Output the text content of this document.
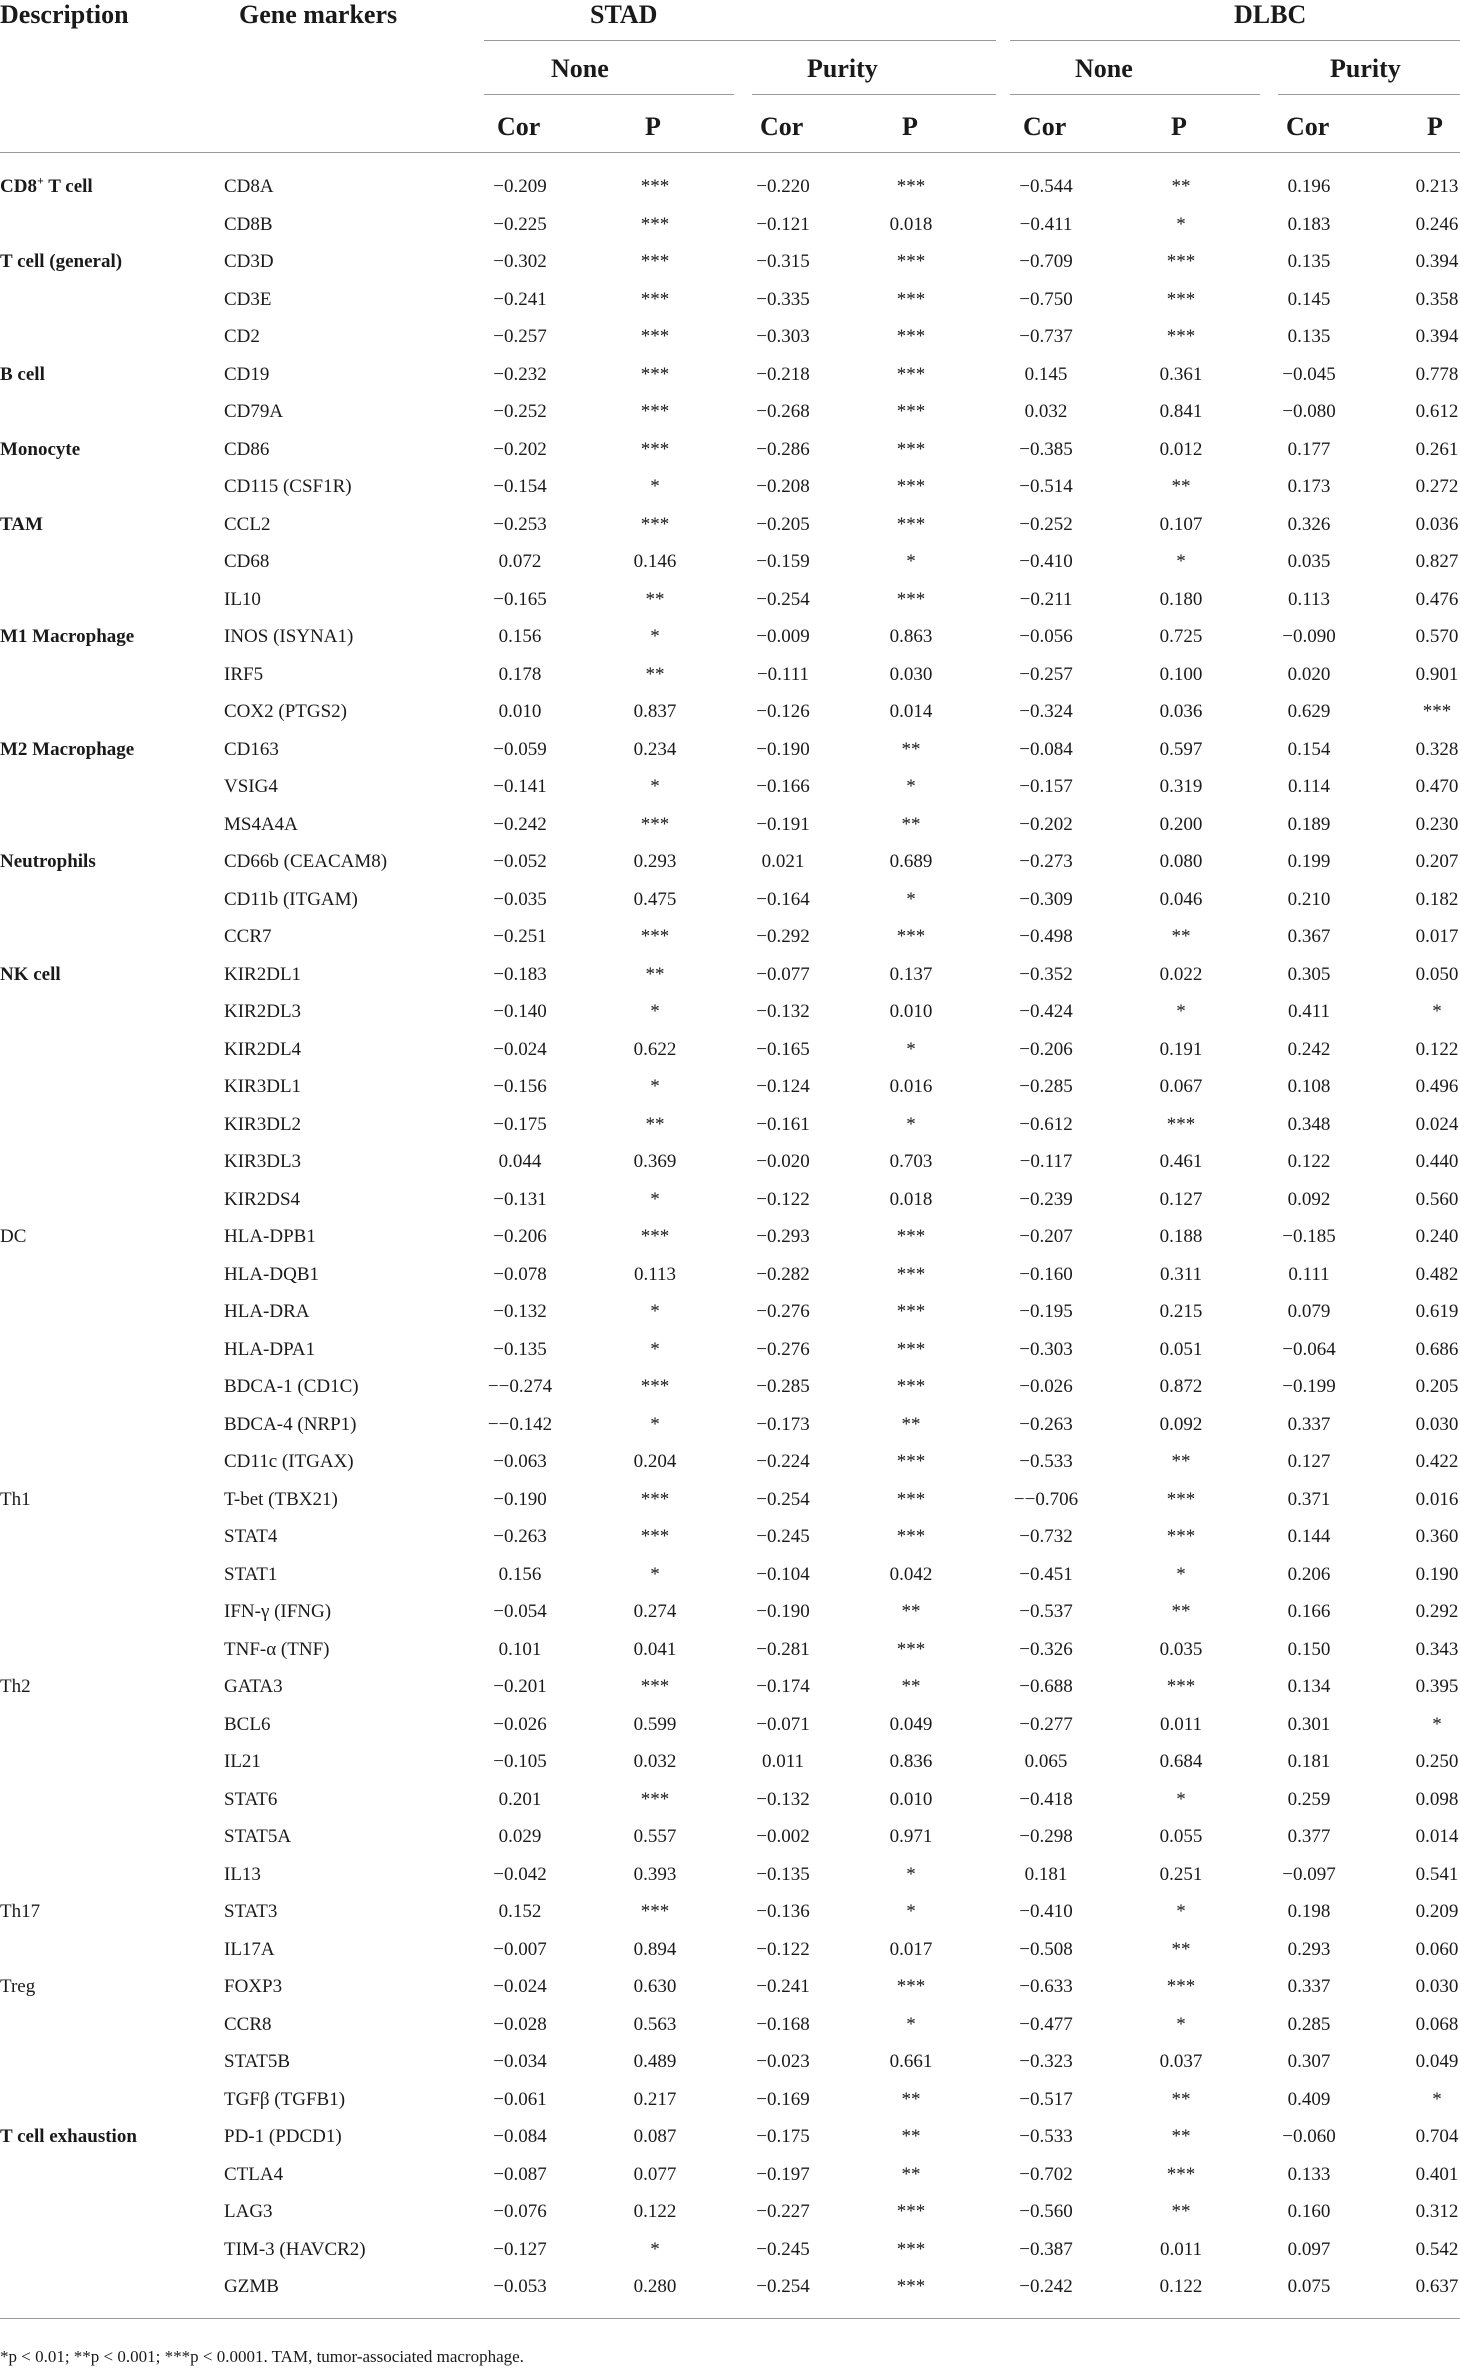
Description	Gene markers	STAD	DLBC
None	Purity	None	Purity
Cor	P	Cor	P	Cor	P	Cor	P
CD8+ T cell	CD8A	−0.209	***	−0.220	***	−0.544	**	0.196	0.213
CD8B	−0.225	***	−0.121	0.018	−0.411	*	0.183	0.246
T cell (general)	CD3D	−0.302	***	−0.315	***	−0.709	***	0.135	0.394
CD3E	−0.241	***	−0.335	***	−0.750	***	0.145	0.358
CD2	−0.257	***	−0.303	***	−0.737	***	0.135	0.394
B cell	CD19	−0.232	***	−0.218	***	0.145	0.361	−0.045	0.778
CD79A	−0.252	***	−0.268	***	0.032	0.841	−0.080	0.612
Monocyte	CD86	−0.202	***	−0.286	***	−0.385	0.012	0.177	0.261
CD115 (CSF1R)	−0.154	*	−0.208	***	−0.514	**	0.173	0.272
TAM	CCL2	−0.253	***	−0.205	***	−0.252	0.107	0.326	0.036
CD68	0.072	0.146	−0.159	*	−0.410	*	0.035	0.827
IL10	−0.165	**	−0.254	***	−0.211	0.180	0.113	0.476
M1 Macrophage	INOS (ISYNA1)	0.156	*	−0.009	0.863	−0.056	0.725	−0.090	0.570
IRF5	0.178	**	−0.111	0.030	−0.257	0.100	0.020	0.901
COX2 (PTGS2)	0.010	0.837	−0.126	0.014	−0.324	0.036	0.629	***
M2 Macrophage	CD163	−0.059	0.234	−0.190	**	−0.084	0.597	0.154	0.328
VSIG4	−0.141	*	−0.166	*	−0.157	0.319	0.114	0.470
MS4A4A	−0.242	***	−0.191	**	−0.202	0.200	0.189	0.230
Neutrophils	CD66b (CEACAM8)	−0.052	0.293	0.021	0.689	−0.273	0.080	0.199	0.207
CD11b (ITGAM)	−0.035	0.475	−0.164	*	−0.309	0.046	0.210	0.182
CCR7	−0.251	***	−0.292	***	−0.498	**	0.367	0.017
NK cell	KIR2DL1	−0.183	**	−0.077	0.137	−0.352	0.022	0.305	0.050
KIR2DL3	−0.140	*	−0.132	0.010	−0.424	*	0.411	*
KIR2DL4	−0.024	0.622	−0.165	*	−0.206	0.191	0.242	0.122
KIR3DL1	−0.156	*	−0.124	0.016	−0.285	0.067	0.108	0.496
KIR3DL2	−0.175	**	−0.161	*	−0.612	***	0.348	0.024
KIR3DL3	0.044	0.369	−0.020	0.703	−0.117	0.461	0.122	0.440
KIR2DS4	−0.131	*	−0.122	0.018	−0.239	0.127	0.092	0.560
DC	HLA-DPB1	−0.206	***	−0.293	***	−0.207	0.188	−0.185	0.240
HLA-DQB1	−0.078	0.113	−0.282	***	−0.160	0.311	0.111	0.482
HLA-DRA	−0.132	*	−0.276	***	−0.195	0.215	0.079	0.619
HLA-DPA1	−0.135	*	−0.276	***	−0.303	0.051	−0.064	0.686
BDCA-1 (CD1C)	−−0.274	***	−0.285	***	−0.026	0.872	−0.199	0.205
BDCA-4 (NRP1)	−−0.142	*	−0.173	**	−0.263	0.092	0.337	0.030
CD11c (ITGAX)	−0.063	0.204	−0.224	***	−0.533	**	0.127	0.422
Th1	T-bet (TBX21)	−0.190	***	−0.254	***	−−0.706	***	0.371	0.016
STAT4	−0.263	***	−0.245	***	−0.732	***	0.144	0.360
STAT1	0.156	*	−0.104	0.042	−0.451	*	0.206	0.190
IFN-γ (IFNG)	−0.054	0.274	−0.190	**	−0.537	**	0.166	0.292
TNF-α (TNF)	0.101	0.041	−0.281	***	−0.326	0.035	0.150	0.343
Th2	GATA3	−0.201	***	−0.174	**	−0.688	***	0.134	0.395
BCL6	−0.026	0.599	−0.071	0.049	−0.277	0.011	0.301	*
IL21	−0.105	0.032	0.011	0.836	0.065	0.684	0.181	0.250
STAT6	0.201	***	−0.132	0.010	−0.418	*	0.259	0.098
STAT5A	0.029	0.557	−0.002	0.971	−0.298	0.055	0.377	0.014
IL13	−0.042	0.393	−0.135	*	0.181	0.251	−0.097	0.541
Th17	STAT3	0.152	***	−0.136	*	−0.410	*	0.198	0.209
IL17A	−0.007	0.894	−0.122	0.017	−0.508	**	0.293	0.060
Treg	FOXP3	−0.024	0.630	−0.241	***	−0.633	***	0.337	0.030
CCR8	−0.028	0.563	−0.168	*	−0.477	*	0.285	0.068
STAT5B	−0.034	0.489	−0.023	0.661	−0.323	0.037	0.307	0.049
TGFβ (TGFB1)	−0.061	0.217	−0.169	**	−0.517	**	0.409	*
T cell exhaustion	PD-1 (PDCD1)	−0.084	0.087	−0.175	**	−0.533	**	−0.060	0.704
CTLA4	−0.087	0.077	−0.197	**	−0.702	***	0.133	0.401
LAG3	−0.076	0.122	−0.227	***	−0.560	**	0.160	0.312
TIM-3 (HAVCR2)	−0.127	*	−0.245	***	−0.387	0.011	0.097	0.542
GZMB	−0.053	0.280	−0.254	***	−0.242	0.122	0.075	0.637
*p < 0.01; **p < 0.001; ***p < 0.0001. TAM, tumor-associated macrophage.
